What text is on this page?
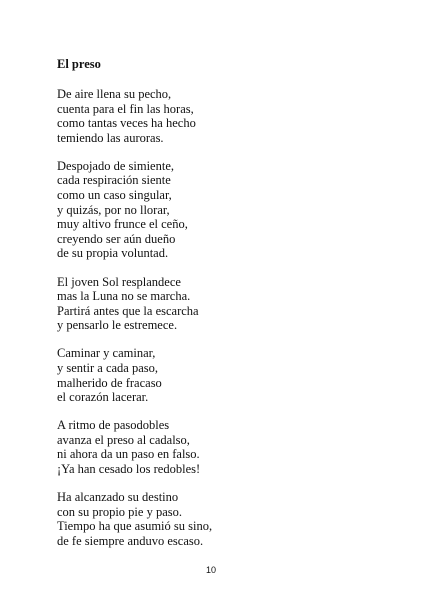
El preso
De aire llena su pecho,
cuenta para el fin las horas,
como tantas veces ha hecho
temiendo las auroras.
Despojado de simiente,
cada respiración siente
como un caso singular,
y quizás, por no llorar,
muy altivo frunce el ceño,
creyendo ser aún dueño
de su propia voluntad.
El joven Sol resplandece
mas la Luna no se marcha.
Partirá antes que la escarcha
y pensarlo le estremece.
Caminar y caminar,
y sentir a cada paso,
malherido de fracaso
el corazón lacerar.
A ritmo de pasodobles
avanza el preso al cadalso,
ni ahora da un paso en falso.
¡Ya han cesado los redobles!
Ha alcanzado su destino
con su propio pie y paso.
Tiempo ha que asumió su sino,
de fe siempre anduvo escaso.
10
